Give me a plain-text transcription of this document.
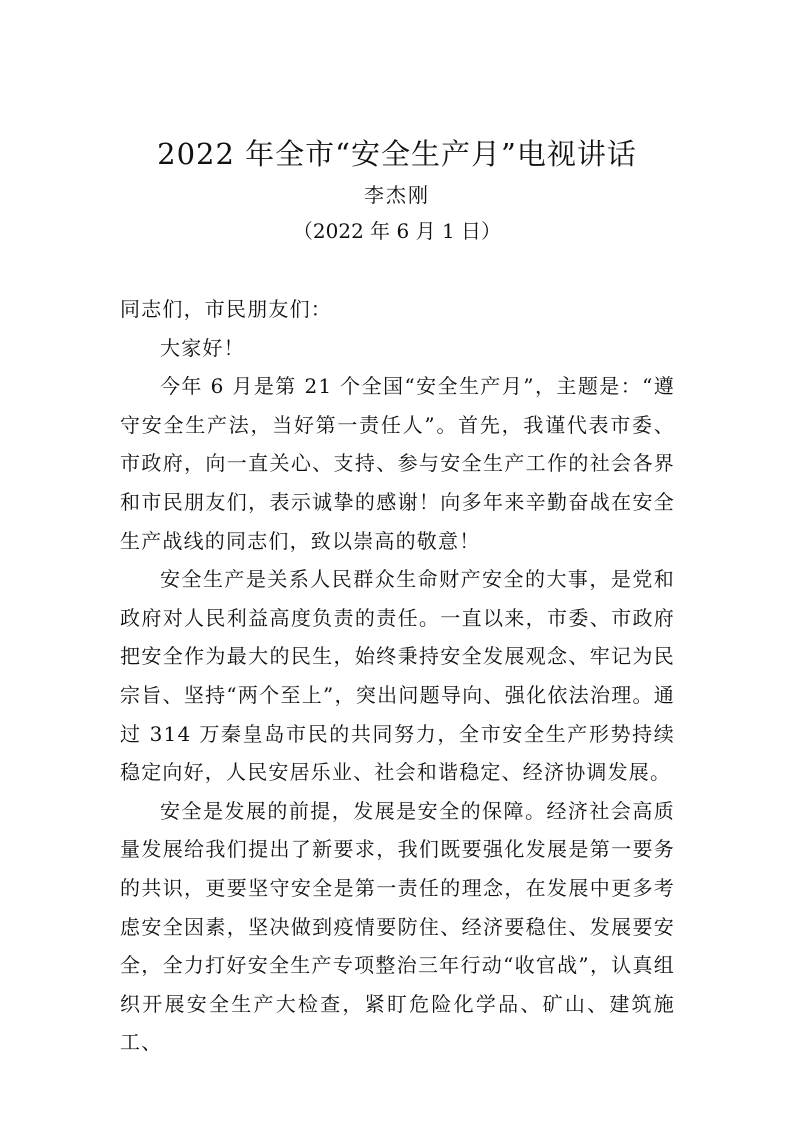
2022 年全市“安全生产月”电视讲话
李杰刚
（2022 年 6 月 1 日）

同志们，市民朋友们：

大家好！

今年 6 月是第 21 个全国“安全生产月”，主题是：“遵守安全生产法，当好第一责任人”。首先，我谨代表市委、市政府，向一直关心、支持、参与安全生产工作的社会各界和市民朋友们，表示诚挚的感谢！向多年来辛勤奋战在安全生产战线的同志们，致以崇高的敬意！

安全生产是关系人民群众生命财产安全的大事，是党和政府对人民利益高度负责的责任。一直以来，市委、市政府把安全作为最大的民生，始终秉持安全发展观念、牢记为民宗旨、坚持“两个至上”，突出问题导向、强化依法治理。通过 314 万秦皇岛市民的共同努力，全市安全生产形势持续稳定向好，人民安居乐业、社会和谐稳定、经济协调发展。

安全是发展的前提，发展是安全的保障。经济社会高质量发展给我们提出了新要求，我们既要强化发展是第一要务的共识，更要坚守安全是第一责任的理念，在发展中更多考虑安全因素，坚决做到疫情要防住、经济要稳住、发展要安全，全力打好安全生产专项整治三年行动“收官战”，认真组织开展安全生产大检查，紧盯危险化学品、矿山、建筑施工、
